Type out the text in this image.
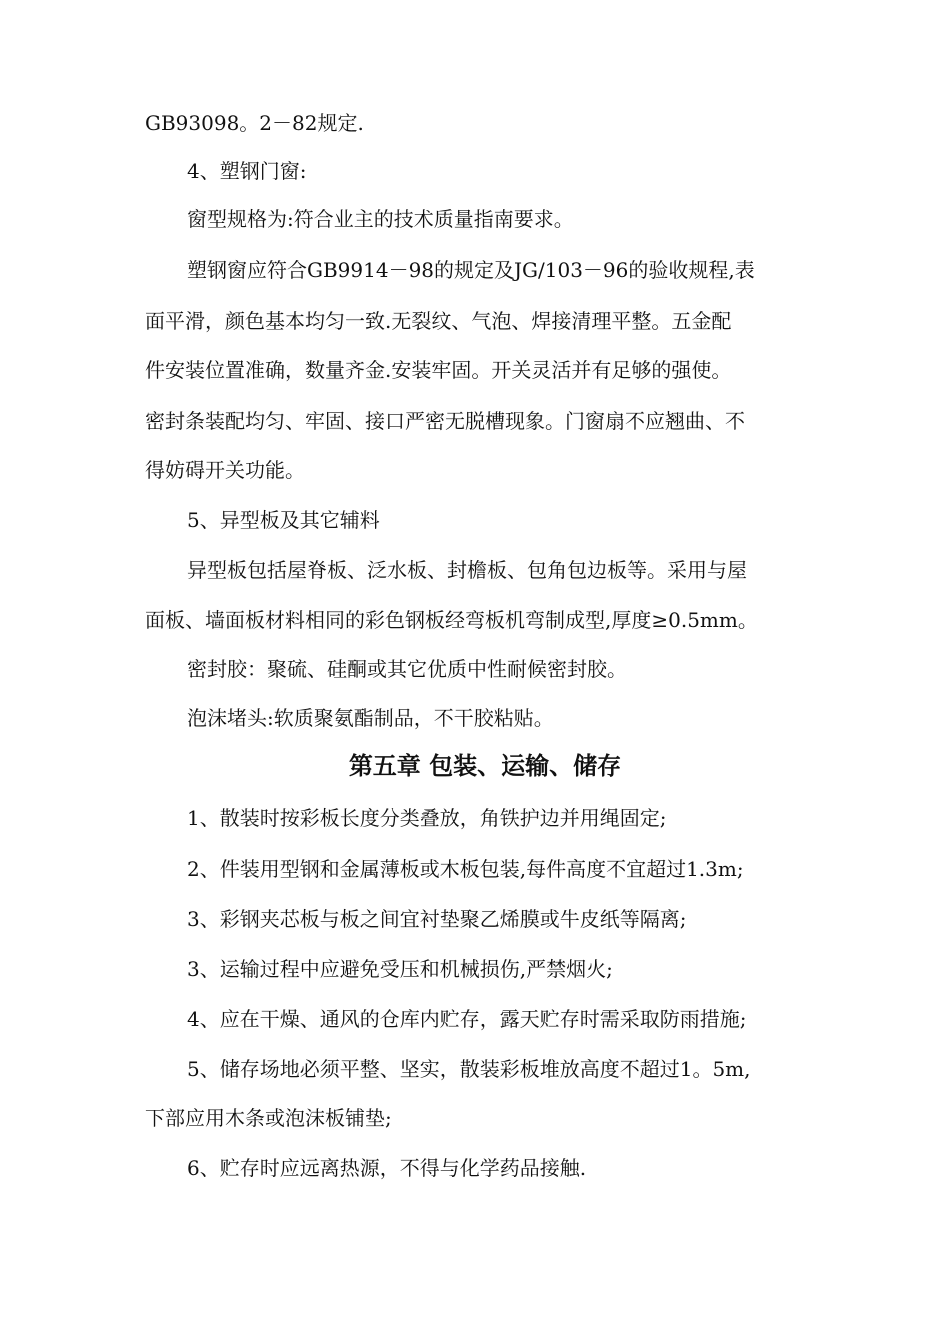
GB93098。2－82规定.
4、塑钢门窗:
窗型规格为:符合业主的技术质量指南要求。
塑钢窗应符合GB9914－98的规定及JG/103－96的验收规程,表
面平滑，颜色基本均匀一致.无裂纹、气泡、焊接清理平整。五金配
件安装位置准确，数量齐金.安装牢固。开关灵活并有足够的强使。
密封条装配均匀、牢固、接口严密无脱槽现象。门窗扇不应翘曲、不
得妨碍开关功能。
5、异型板及其它辅料
异型板包括屋脊板、泛水板、封檐板、包角包边板等。采用与屋
面板、墙面板材料相同的彩色钢板经弯板机弯制成型,厚度≥0.5mm。
密封胶：聚硫、硅酮或其它优质中性耐候密封胶。
泡沫堵头:软质聚氨酯制品，不干胶粘贴。
第五章 包装、运输、储存
1、散装时按彩板长度分类叠放，角铁护边并用绳固定;
2、件装用型钢和金属薄板或木板包装,每件高度不宜超过1.3m;
3、彩钢夹芯板与板之间宜衬垫聚乙烯膜或牛皮纸等隔离;
3、运输过程中应避免受压和机械损伤,严禁烟火;
4、应在干燥、通风的仓库内贮存，露天贮存时需采取防雨措施;
5、储存场地必须平整、坚实，散装彩板堆放高度不超过1。5m,
下部应用木条或泡沫板铺垫;
6、贮存时应远离热源，不得与化学药品接触.
